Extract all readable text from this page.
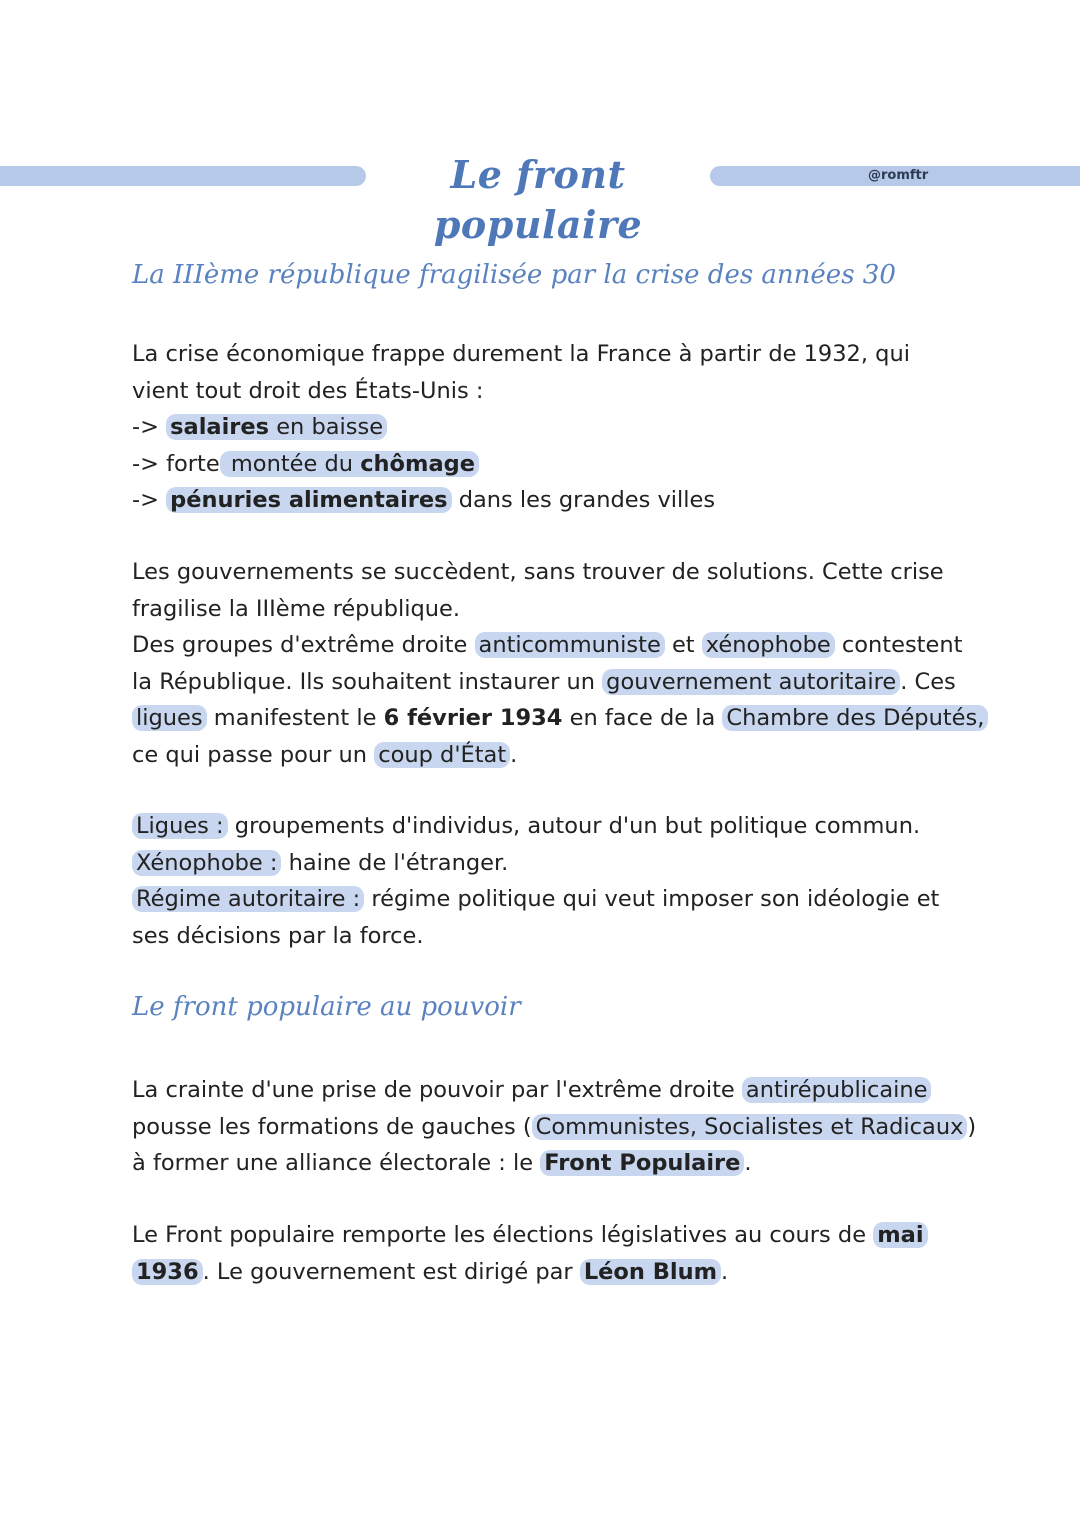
Le front populaire
@romftr
La IIIème république fragilisée par la crise des années 30
La crise économique frappe durement la France à partir de 1932, qui
vient tout droit des États-Unis :
-> salaires en baisse
-> forte montée du chômage
-> pénuries alimentaires dans les grandes villes
Les gouvernements se succèdent, sans trouver de solutions. Cette crise
fragilise la IIIème république.
Des groupes d'extrême droite anticommuniste et xénophobe contestent
la République. Ils souhaitent instaurer un gouvernement autoritaire . Ces
ligues manifestent le 6 février 1934 en face de la Chambre des Députés,
ce qui passe pour un coup d'État .
Ligues : groupements d'individus, autour d'un but politique commun.
Xénophobe : haine de l'étranger.
Régime autoritaire : régime politique qui veut imposer son idéologie et
ses décisions par la force.
Le front populaire au pouvoir
La crainte d'une prise de pouvoir par l'extrême droite antirépublicaine
pousse les formations de gauches ( Communistes, Socialistes et Radicaux )
à former une alliance électorale : le Front Populaire .
Le Front populaire remporte les élections législatives au cours de mai
1936 . Le gouvernement est dirigé par Léon Blum .
